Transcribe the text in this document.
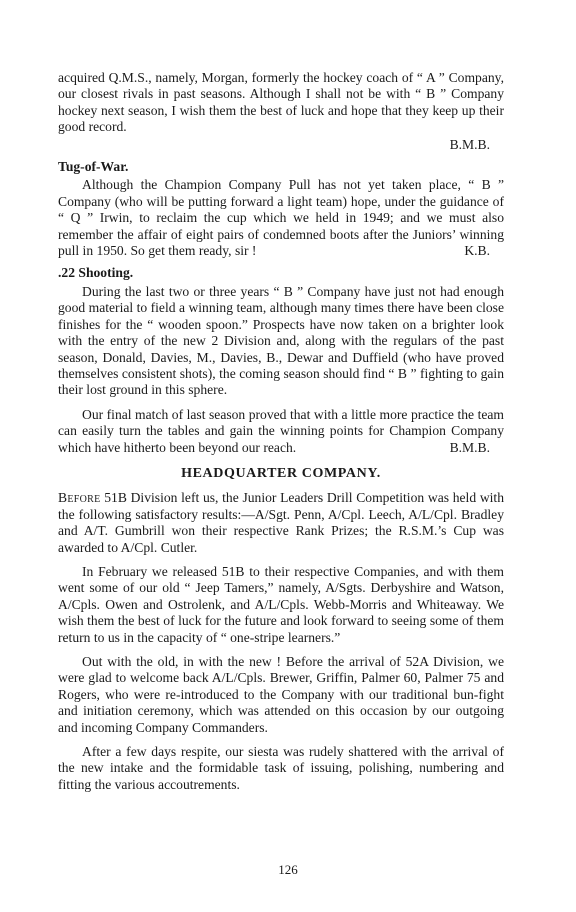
acquired Q.M.S., namely, Morgan, formerly the hockey coach of “ A ” Company, our closest rivals in past seasons. Although I shall not be with “ B ” Company hockey next season, I wish them the best of luck and hope that they keep up their good record.

B.M.B.

Tug-of-War.

Although the Champion Company Pull has not yet taken place, “ B ” Company (who will be putting forward a light team) hope, under the guidance of “ Q ” Irwin, to reclaim the cup which we held in 1949; and we must also remember the affair of eight pairs of condemned boots after the Juniors’ winning pull in 1950. So get them ready, sir !	K.B.

.22 Shooting.

During the last two or three years “ B ” Company have just not had enough good material to field a winning team, although many times there have been close finishes for the “ wooden spoon.” Prospects have now taken on a brighter look with the entry of the new 2 Division and, along with the regulars of the past season, Donald, Davies, M., Davies, B., Dewar and Duffield (who have proved themselves consistent shots), the coming season should find “ B ” fighting to gain their lost ground in this sphere.

Our final match of last season proved that with a little more practice the team can easily turn the tables and gain the winning points for Champion Company which have hitherto been beyond our reach.	B.M.B.

HEADQUARTER COMPANY.

Before 51B Division left us, the Junior Leaders Drill Competition was held with the following satisfactory results:—A/Sgt. Penn, A/Cpl. Leech, A/L/Cpl. Bradley and A/T. Gumbrill won their respective Rank Prizes; the R.S.M.’s Cup was awarded to A/Cpl. Cutler.

In February we released 51B to their respective Companies, and with them went some of our old “ Jeep Tamers,” namely, A/Sgts. Derbyshire and Watson, A/Cpls. Owen and Ostrolenk, and A/L/Cpls. Webb-Morris and Whiteaway. We wish them the best of luck for the future and look forward to seeing some of them return to us in the capacity of “ one-stripe learners.”

Out with the old, in with the new ! Before the arrival of 52A Division, we were glad to welcome back A/L/Cpls. Brewer, Griffin, Palmer 60, Palmer 75 and Rogers, who were re-introduced to the Company with our traditional bun-fight and initiation ceremony, which was attended on this occasion by our outgoing and incoming Company Commanders.

After a few days respite, our siesta was rudely shattered with the arrival of the new intake and the formidable task of issuing, polishing, numbering and fitting the various accoutrements.

126
